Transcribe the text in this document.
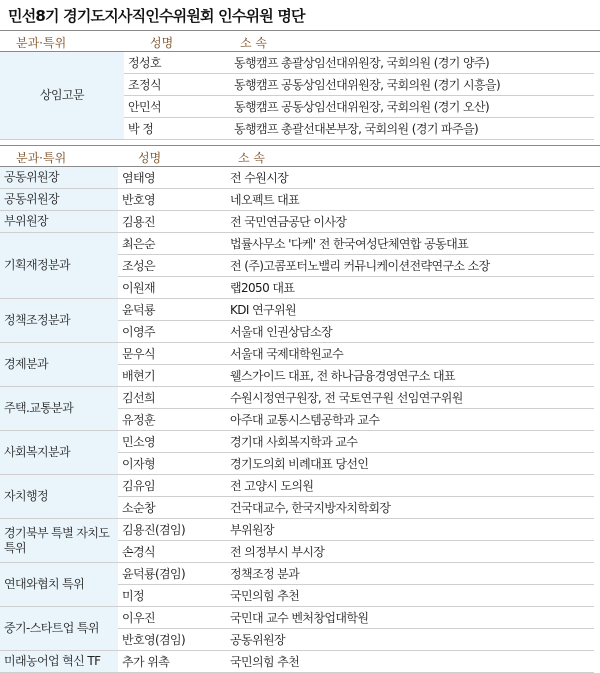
민선8기 경기도지사직인수위원회 인수위원 명단
분과·특위	성명	소 속
상임고문	정성호	동행캠프 총괄상임선대위원장, 국회의원 (경기 양주)
	조정식	동행캠프 공동상임선대위원장, 국회의원 (경기 시흥을)
	안민석	동행캠프 공동상임선대위원장, 국회의원 (경기 오산)
	박 정	동행캠프 총괄선대본부장, 국회의원 (경기 파주을)
분과·특위	성명	소 속
공동위원장	염태영	전 수원시장
공동위원장	반호영	네오펙트 대표
부위원장	김용진	전 국민연금공단 이사장
기획재정분과	최은순	법률사무소 '다케' 전 한국여성단체연합 공동대표
	조성은	전 (주)고콤포터노밸리 커뮤니케이션전략연구소 소장
	이원재	랩2050 대표
정책조정분과	윤덕룡	KDI 연구위원
	이영주	서울대 인권상담소장
경제분과	문우식	서울대 국제대학원교수
	배현기	웰스가이드 대표, 전 하나금융경영연구소 대표
주택.교통분과	김선희	수원시정연구원장, 전 국토연구원 선임연구위원
	유정훈	아주대 교통시스템공학과 교수
사회복지분과	민소영	경기대 사회복지학과 교수
	이자형	경기도의회 비례대표 당선인
자치행정	김유임	전 고양시 도의원
	소순창	건국대교수, 한국지방자치학회장
경기북부 특별 자치도 특위	김용진(겸임)	부위원장
	손경식	전 의정부시 부시장
연대와협치 특위	윤덕룡(겸임)	정책조정 분과
	미정	국민의힘 추천
중기-스타트업 특위	이우진	국민대 교수 벤처창업대학원
	반호영(겸임)	공동위원장
미래농어업 혁신 TF	추가 위촉	국민의힘 추천
